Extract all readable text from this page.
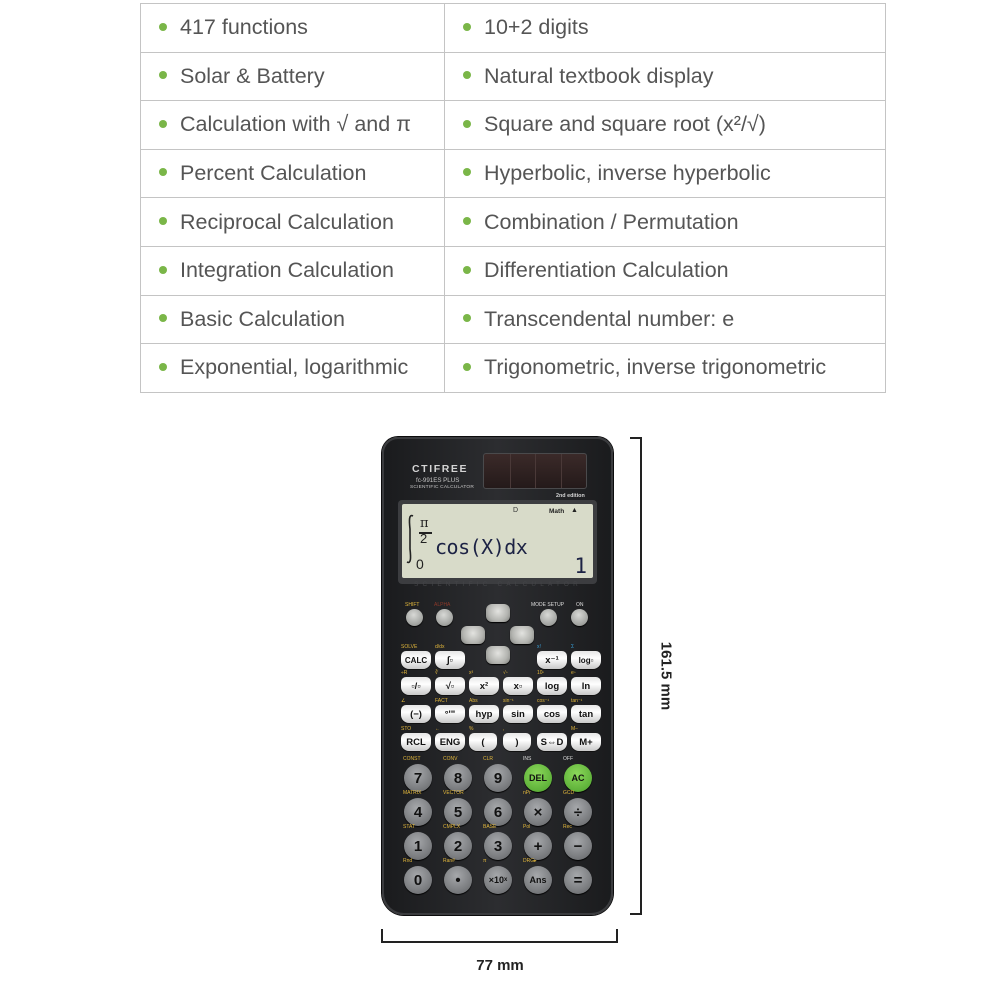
417 functions	10+2 digits
Solar & Battery	Natural textbook display
Calculation with √ and π	Square and square root (x²/√)
Percent Calculation	Hyperbolic, inverse hyperbolic
Reciprocal Calculation	Combination / Permutation
Integration Calculation	Differentiation Calculation
Basic Calculation	Transcendental number: e
Exponential, logarithmic	Trigonometric, inverse trigonometric
CTIFREE
fc-991ES PLUS
SCIENTIFIC CALCULATOR
2nd edition
D	Math ▲
π
2
0
cos(X)dx
1
SCIENTIFIC CALCULATOR
SHIFT	ALPHA	MODE SETUP ON
SOLVE
CALC
d/dx
∫▫
x!
x⁻¹
Σ
log▫
÷R
▫/▫
∛
√▫
x³
x²
√▫
x▫
10▫
log
e▫
ln
∠
(−)
FACT
°'"
Abs
hyp
sin⁻¹
sin
cos⁻¹
cos
tan⁻¹
tan
STO
RCL
←
ENG
%
(
,
)	S⇔D
M−
M+
CONST
7
CONV
8
CLR
9
INS
DEL
OFF
AC
MATRIX
4
VECTOR
5	6
nPr
×
GCD
÷
STAT
1
CMPLX
2
BASE
3
Pol
+
Rec
−
Rnd
0
Ran#
•
π
×10ˣ
DRG▸
Ans	=
161.5 mm
77 mm
